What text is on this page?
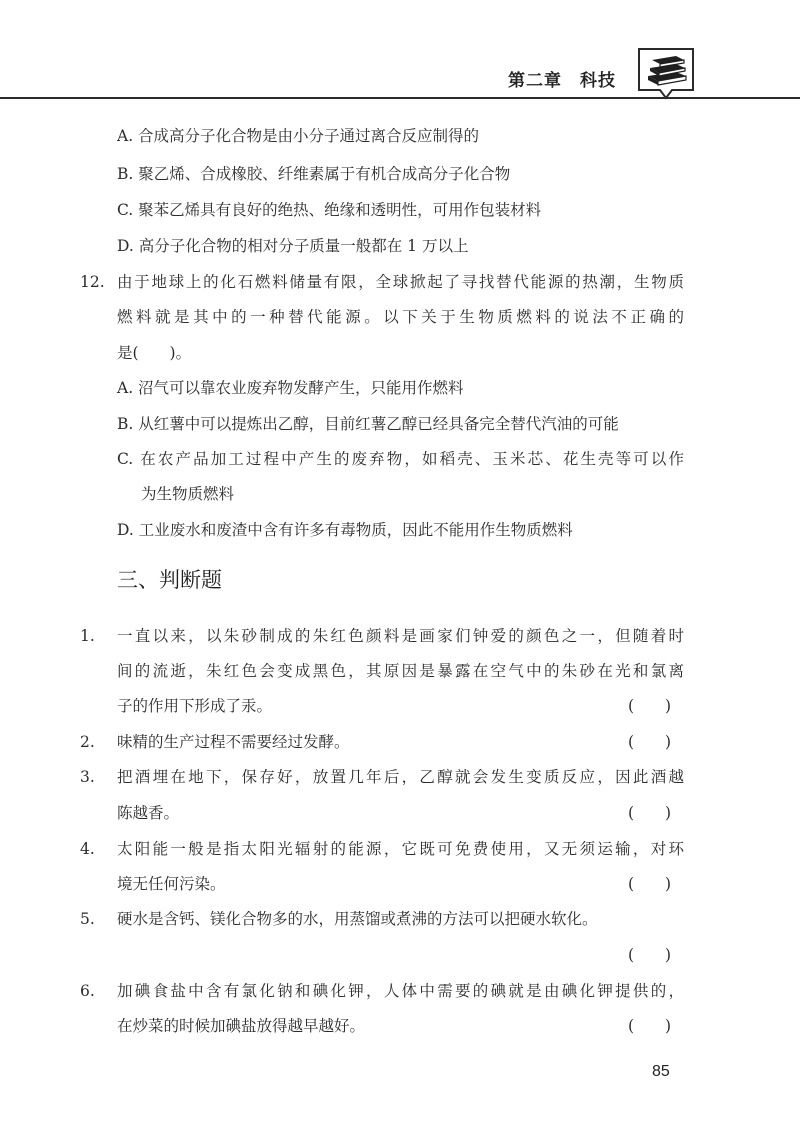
第二章　 科技
A. 合成高分子化合物是由小分子通过离合反应制得的
B. 聚乙烯、合成橡胶、纤维素属于有机合成高分子化合物
C. 聚苯乙烯具有良好的绝热、绝缘和透明性，可用作包装材料
D. 高分子化合物的相对分子质量一般都在 1 万以上
12. 由于地球上的化石燃料储量有限，全球掀起了寻找替代能源的热潮，生物质
燃料就是其中的一种替代能源。以下关于生物质燃料的说法不正确的
是(　　)。
A. 沼气可以靠农业废弃物发酵产生，只能用作燃料
B. 从红薯中可以提炼出乙醇，目前红薯乙醇已经具备完全替代汽油的可能
C. 在农产品加工过程中产生的废弃物，如稻壳、玉米芯、花生壳等可以作
为生物质燃料
D. 工业废水和废渣中含有许多有毒物质，因此不能用作生物质燃料
三、判断题
1. 一直以来，以朱砂制成的朱红色颜料是画家们钟爱的颜色之一，但随着时
间的流逝，朱红色会变成黑色，其原因是暴露在空气中的朱砂在光和氯离
子的作用下形成了汞。	(　　)
2. 味精的生产过程不需要经过发酵。	(　　)
3. 把酒埋在地下，保存好，放置几年后，乙醇就会发生变质反应，因此酒越
陈越香。	(　　)
4. 太阳能一般是指太阳光辐射的能源，它既可免费使用，又无须运输，对环
境无任何污染。	(　　)
5. 硬水是含钙、镁化合物多的水，用蒸馏或煮沸的方法可以把硬水软化。
(　　)
6. 加碘食盐中含有氯化钠和碘化钾，人体中需要的碘就是由碘化钾提供的，
在炒菜的时候加碘盐放得越早越好。	(　　)
85
